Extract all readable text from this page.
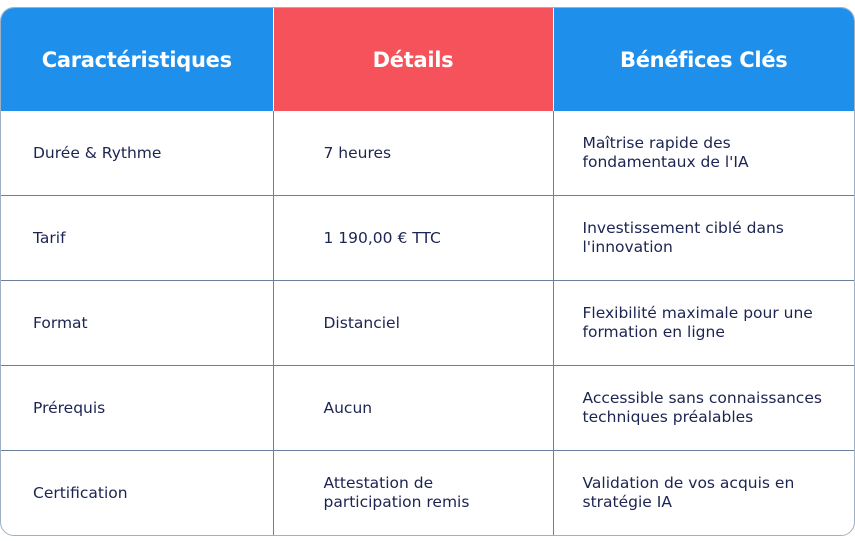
Caractéristiques	Détails	Bénéfices Clés
Durée & Rythme	7 heures	Maîtrise rapide des fondamentaux de l'IA
Tarif	1 190,00 € TTC	Investissement ciblé dans l'innovation
Format	Distanciel	Flexibilité maximale pour une formation en ligne
Prérequis	Aucun	Accessible sans connaissances techniques préalables
Certification	Attestation de participation remis	Validation de vos acquis en stratégie IA
